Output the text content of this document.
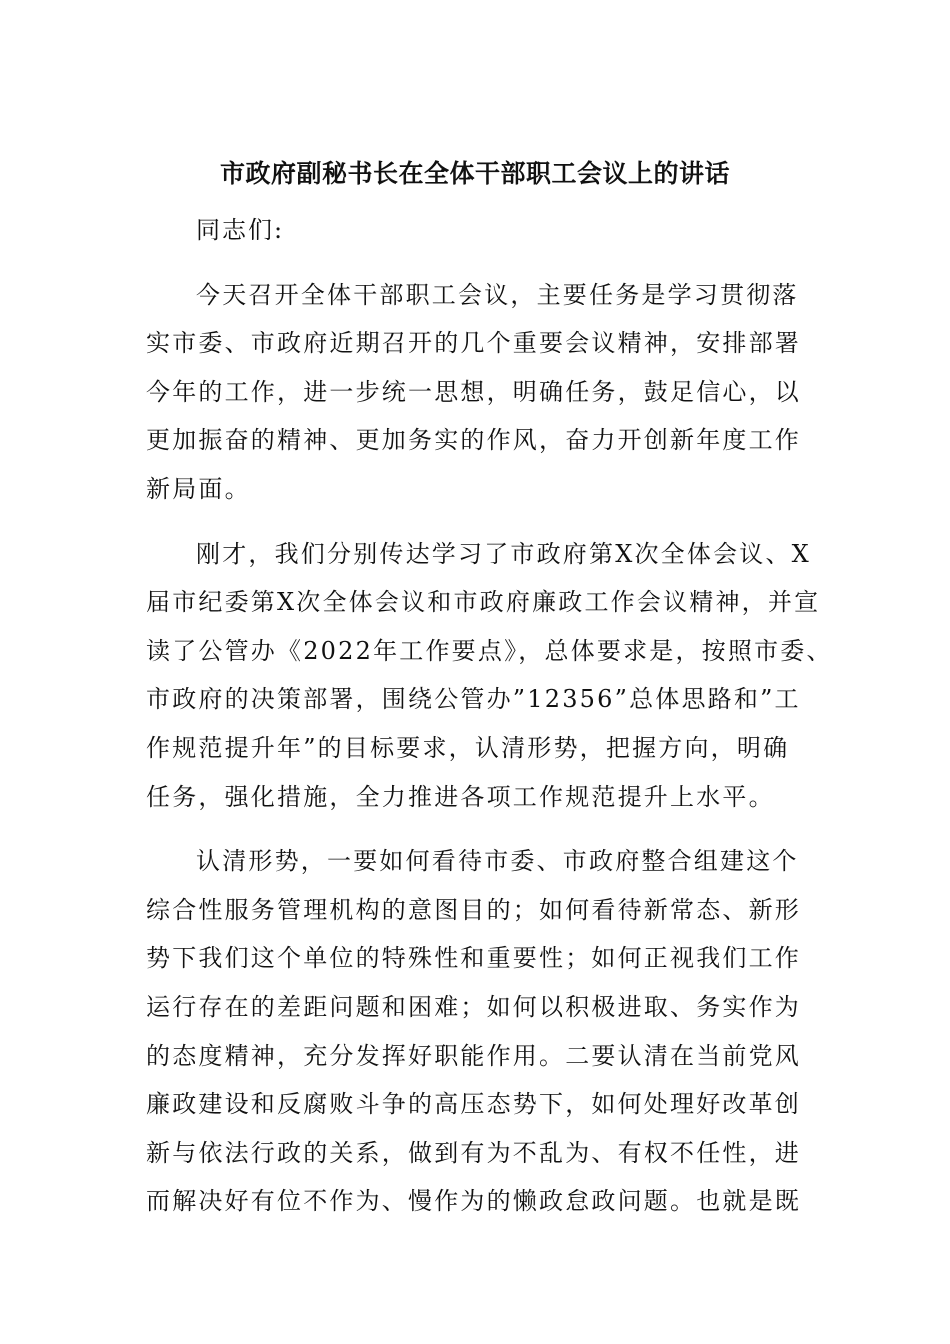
市政府副秘书长在全体干部职工会议上的讲话

同志们:

今天召开全体干部职工会议，主要任务是学习贯彻落
实市委、市政府近期召开的几个重要会议精神，安排部署
今年的工作，进一步统一思想，明确任务，鼓足信心，以
更加振奋的精神、更加务实的作风，奋力开创新年度工作
新局面。

刚才，我们分别传达学习了市政府第X次全体会议、X
届市纪委第X次全体会议和市政府廉政工作会议精神，并宣
读了公管办《2022年工作要点》，总体要求是，按照市委、
市政府的决策部署，围绕公管办”12356”总体思路和”工
作规范提升年”的目标要求，认清形势，把握方向，明确
任务，强化措施，全力推进各项工作规范提升上水平。

认清形势，一要如何看待市委、市政府整合组建这个
综合性服务管理机构的意图目的；如何看待新常态、新形
势下我们这个单位的特殊性和重要性；如何正视我们工作
运行存在的差距问题和困难；如何以积极进取、务实作为
的态度精神，充分发挥好职能作用。二要认清在当前党风
廉政建设和反腐败斗争的高压态势下，如何处理好改革创
新与依法行政的关系，做到有为不乱为、有权不任性，进
而解决好有位不作为、慢作为的懒政怠政问题。也就是既
